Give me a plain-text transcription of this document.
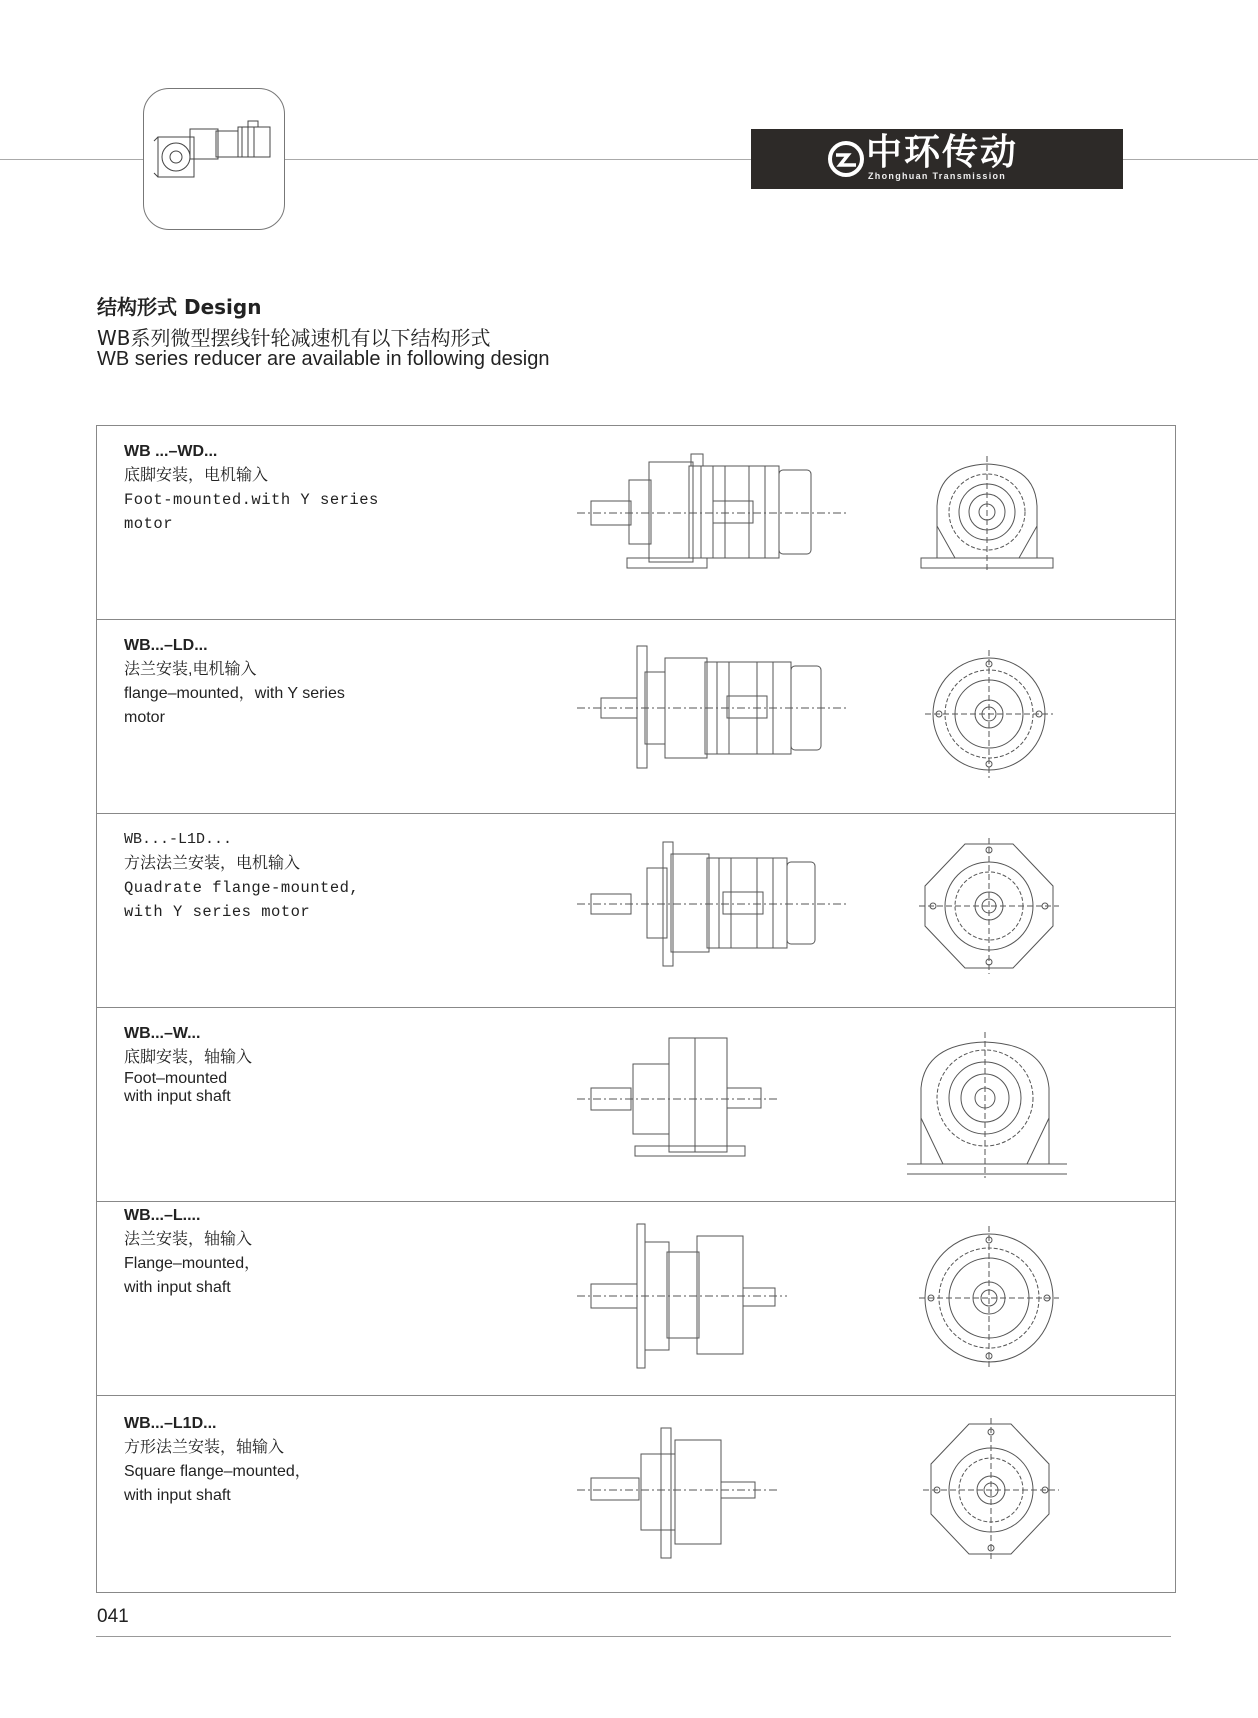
中环传动
Zhonghuan Transmission
结构形式 Design
WB系列微型摆线针轮减速机有以下结构形式
WB series reducer are available in following design
WB ...–WD...
底脚安装，电机输入
Foot-mounted.with Y series
motor
WB...–LD...
法兰安装,电机输入
flange–mounted，with Y series
motor
WB...-L1D...
方法法兰安装，电机输入
Quadrate flange-mounted,
with Y series motor
WB...–W...
底脚安装，轴输入
Foot–mounted
with input shaft
WB...–L....
法兰安装，轴输入
Flange–mounted，
with input shaft
WB...–L1D...
方形法兰安装，轴输入
Square flange–mounted，
with input shaft
041
